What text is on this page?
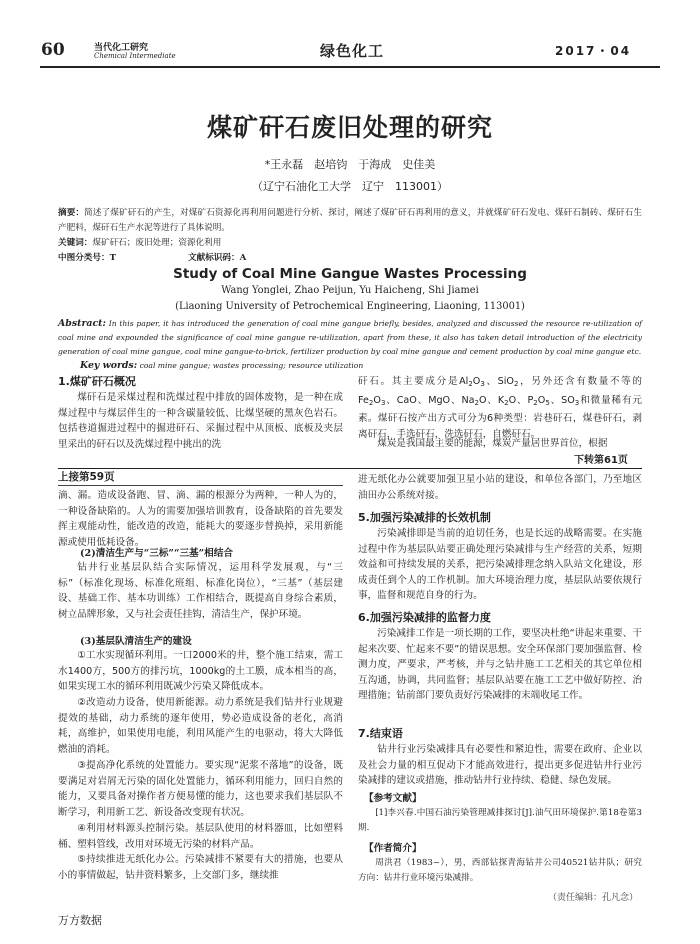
60	当代化工研究
Chemical Intermediate	绿色化工	2017・04
煤矿矸石废旧处理的研究
*王永磊　赵培钧　于海成　史佳美
（辽宁石油化工大学　辽宁　113001）
摘要：简述了煤矿矸石的产生，对煤矿石资源化再利用问题进行分析、探讨，阐述了煤矿矸石再利用的意义，并就煤矿矸石发电、煤矸石制砖、煤矸石生产肥料，煤矸石生产水泥等进行了具体说明。
关键词：煤矿矸石；废旧处理；资源化利用
中图分类号：T	文献标识码：A
Study of Coal Mine Gangue Wastes Processing
Wang Yonglei, Zhao Peijun, Yu Haicheng, Shi Jiamei
(Liaoning University of Petrochemical Engineering, Liaoning, 113001)
Abstract: In this paper, it has introduced the generation of coal mine gangue briefly, besides, analyzed and discussed the resource re-utilization of coal mine and expounded the significance of coal mine gangue re-utilization, apart from these, it also has taken detail introduction of the electricity generation of coal mine gangue, coal mine gangue-to-brick, fertilizer production by coal mine gangue and cement production by coal mine gangue etc.
Key words: coal mine gangue; wastes processing; resource utilization
1.煤矿矸石概况
煤矸石是采煤过程和洗煤过程中排放的固体废物，是一种在成煤过程中与煤层伴生的一种含碳量较低、比煤坚硬的黑灰色岩石。包括巷道掘进过程中的掘进矸石、采掘过程中从顶板、底板及夹层里采出的矸石以及洗煤过程中挑出的洗
矸石。其主要成分是$Al_2O_3$、SiO$_2$，另外还含有数量不等的$Fe_2O_3$、CaO、MgO、$Na_2O$、$K_2O$、$P_2O_5$、$SO_3$和微量稀有元素。煤矸石按产出方式可分为6种类型：岩巷矸石，煤巷矸石，剥离矸石，手选矸石，洗选矸石，自燃矸石。
煤炭是我国最主要的能源，煤炭产量居世界首位，根据
下转第61页
上接第59页
滴、漏。造成设备跑、冒、滴、漏的根源分为两种，一种人为的，一种设备缺陷的。人为的需要加强培训教育，设备缺陷的首先要发挥主观能动性，能改造的改造，能耗大的要逐步替换掉，采用新能源或使用低耗设备。
(2)清洁生产与“三标”“三基”相结合
钻井行业基层队结合实际情况，运用科学发展观，与“三标”（标准化现场、标准化班组、标准化岗位），“三基”（基层建设、基础工作、基本功训练）工作相结合，既提高自身综合素质，树立品牌形象，又与社会责任挂钩，清洁生产，保护环境。
(3)基层队清洁生产的建设
①工水实现循环利用。一口2000米的井，整个施工结束，需工水1400方，500方的排污坑，1000kg的土工膜，成本相当的高，如果实现工水的循环利用既减少污染又降低成本。
②改造动力设备，使用新能源。动力系统是我们钻井行业规避提效的基础，动力系统的逐年使用，势必造成设备的老化，高消耗，高维护，如果使用电能，利用风能产生的电驱动，将大大降低燃油的消耗。
③提高净化系统的处置能力。要实现“泥浆不落地”的设备，既要满足对岩屑无污染的固化处置能力，循环利用能力，回归自然的能力，又要具备对操作者方便易懂的能力，这也要求我们基层队不断学习，利用新工艺、新设备改变现有状况。
④利用材料源头控制污染。基层队使用的材料器皿，比如塑料桶、塑料管线，改用对环境无污染的材料产品。
⑤持续推进无纸化办公。污染减排不紧要有大的措施，也要从小的事情做起，钻井资料繁多，上交部门多，继续推
进无纸化办公就要加强卫星小站的建设，和单位各部门，乃至地区油田办公系统对接。
5.加强污染减排的长效机制
污染减排即是当前的迫切任务，也是长远的战略需要。在实施过程中作为基层队站要正确处理污染减排与生产经营的关系，短期效益和可持续发展的关系，把污染减排理念纳入队站文化建设，形成责任到个人的工作机制。加大环境治理力度，基层队站要依规行事，监督和规范自身的行为。
6.加强污染减排的监督力度
污染减排工作是一项长期的工作，要坚决杜绝“讲起来重要、干起来次要、忙起来不要”的错误思想。安全环保部门要加强监督、检测力度，严要求，严考核，并与之钻井施工工艺相关的其它单位相互沟通，协调，共同监督；基层队站要在施工工艺中做好防控、治理措施；钻前部门要负责好污染减排的末端收尾工作。
7.结束语
钻井行业污染减排具有必要性和紧迫性，需要在政府、企业以及社会力量的相互促动下才能高效进行，提出更多促进钻井行业污染减排的建议或措施，推动钻井行业持续、稳健、绿色发展。
【参考文献】
[1]李兴春.中国石油污染管理减排探讨[J].油气田环境保护.第18卷第3期.
【作者简介】
周洪君（1983~），男，西部钻探青海钻井公司40521钻井队；研究方向：钻井行业环境污染减排。
（责任编辑：孔凡念）
万方数据
